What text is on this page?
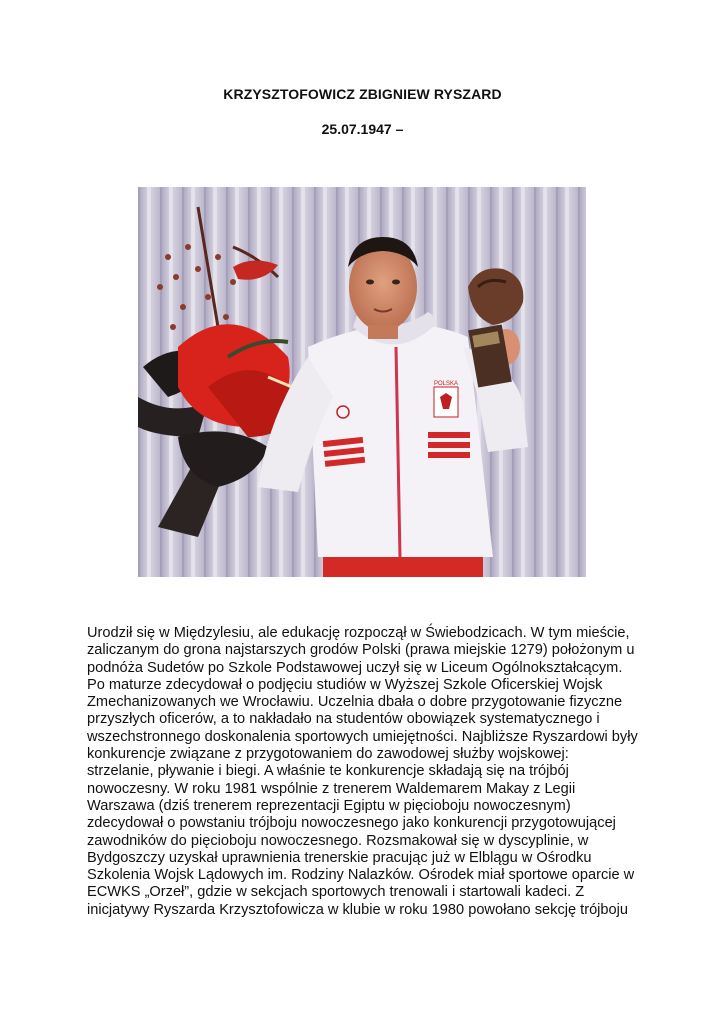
KRZYSZTOFOWICZ ZBIGNIEW RYSZARD
25.07.1947 –
POLSKA
Urodził się w Międzylesiu, ale edukację rozpoczął w Świebodzicach. W tym mieście,
zaliczanym do grona najstarszych grodów Polski (prawa miejskie 1279) położonym u
podnóża Sudetów po Szkole Podstawowej uczył się w Liceum Ogólnokształcącym.
Po maturze zdecydował o podjęciu studiów w Wyższej Szkole Oficerskiej Wojsk
Zmechanizowanych we Wrocławiu. Uczelnia dbała o dobre przygotowanie fizyczne
przyszłych oficerów, a to nakładało na studentów obowiązek systematycznego i
wszechstronnego doskonalenia sportowych umiejętności. Najbliższe Ryszardowi były
konkurencje związane z przygotowaniem do zawodowej służby wojskowej:
strzelanie, pływanie i biegi. A właśnie te konkurencje składają się na trójbój
nowoczesny. W roku 1981 wspólnie z trenerem Waldemarem Makay z Legii
Warszawa (dziś trenerem reprezentacji Egiptu w pięcioboju nowoczesnym)
zdecydował o powstaniu trójboju nowoczesnego jako konkurencji przygotowującej
zawodników do pięcioboju nowoczesnego. Rozsmakował się w dyscyplinie, w
Bydgoszczy uzyskał uprawnienia trenerskie pracując już w Elblągu w Ośrodku
Szkolenia Wojsk Lądowych im. Rodziny Nalazków. Ośrodek miał sportowe oparcie w
ECWKS „Orzeł”, gdzie w sekcjach sportowych trenowali i startowali kadeci. Z
inicjatywy Ryszarda Krzysztofowicza w klubie w roku 1980 powołano sekcję trójboju
